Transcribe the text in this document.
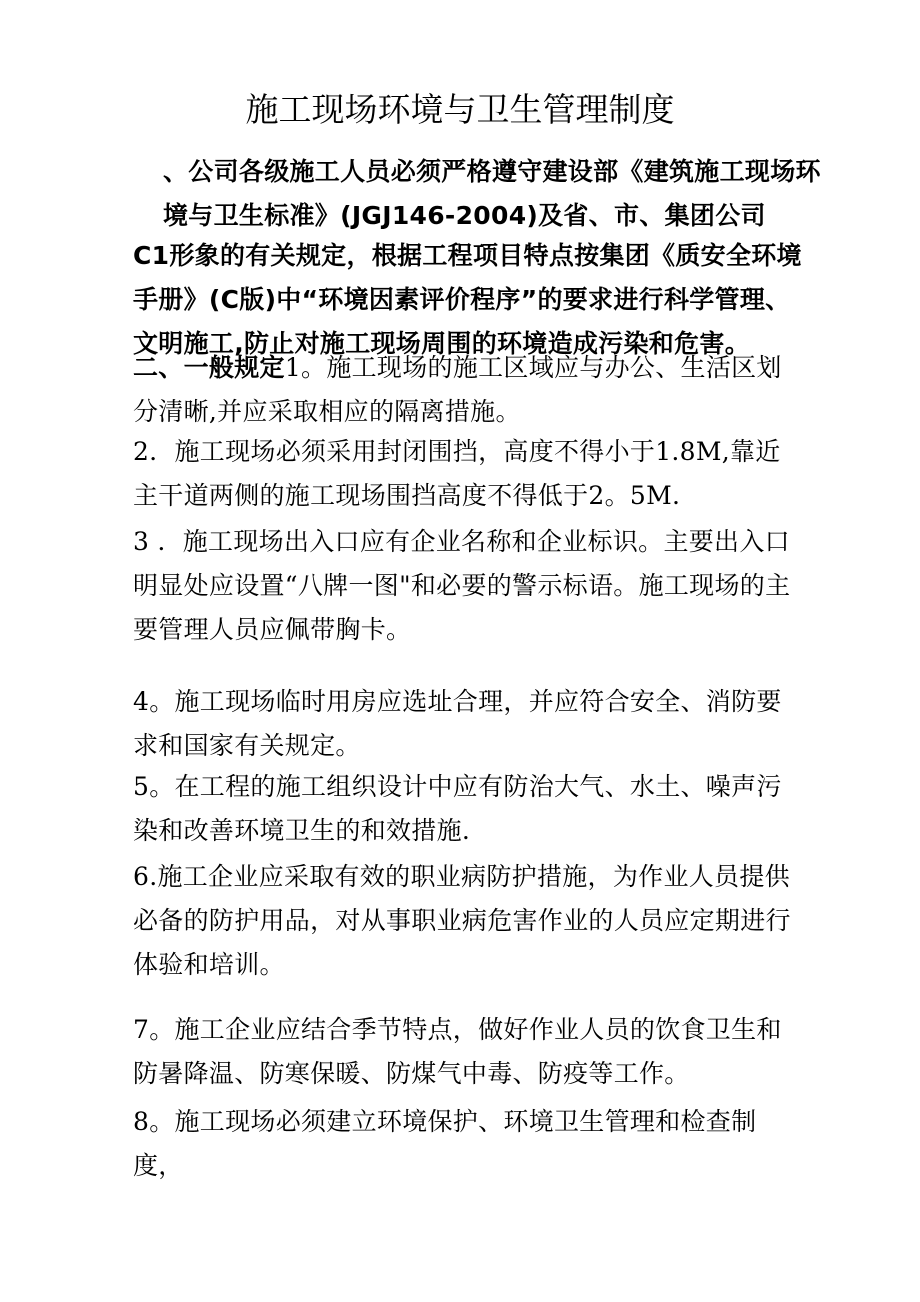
施工现场环境与卫生管理制度

、公司各级施工人员必须严格遵守建设部《建筑施工现场环境与卫生标准》(JGJ146-2004)及省、市、集团公司

C1形象的有关规定，根据工程项目特点按集团《质安全环境手册》(C版)中“环境因素评价程序”的要求进行科学管理、文明施工,防止对施工现场周围的环境造成污染和危害。

二、一般规定1。施工现场的施工区域应与办公、生活区划分清晰,并应采取相应的隔离措施。

2．施工现场必须采用封闭围挡，高度不得小于1.8M,靠近主干道两侧的施工现场围挡高度不得低于2。5M.

3 ．施工现场出入口应有企业名称和企业标识。主要出入口明显处应设置“八牌一图"和必要的警示标语。施工现场的主要管理人员应佩带胸卡。

4。施工现场临时用房应选址合理，并应符合安全、消防要求和国家有关规定。

5。在工程的施工组织设计中应有防治大气、水土、噪声污染和改善环境卫生的和效措施.

6.施工企业应采取有效的职业病防护措施，为作业人员提供必备的防护用品，对从事职业病危害作业的人员应定期进行体验和培训。

7。施工企业应结合季节特点，做好作业人员的饮食卫生和防暑降温、防寒保暖、防煤气中毒、防疫等工作。

8。施工现场必须建立环境保护、环境卫生管理和检查制度，
